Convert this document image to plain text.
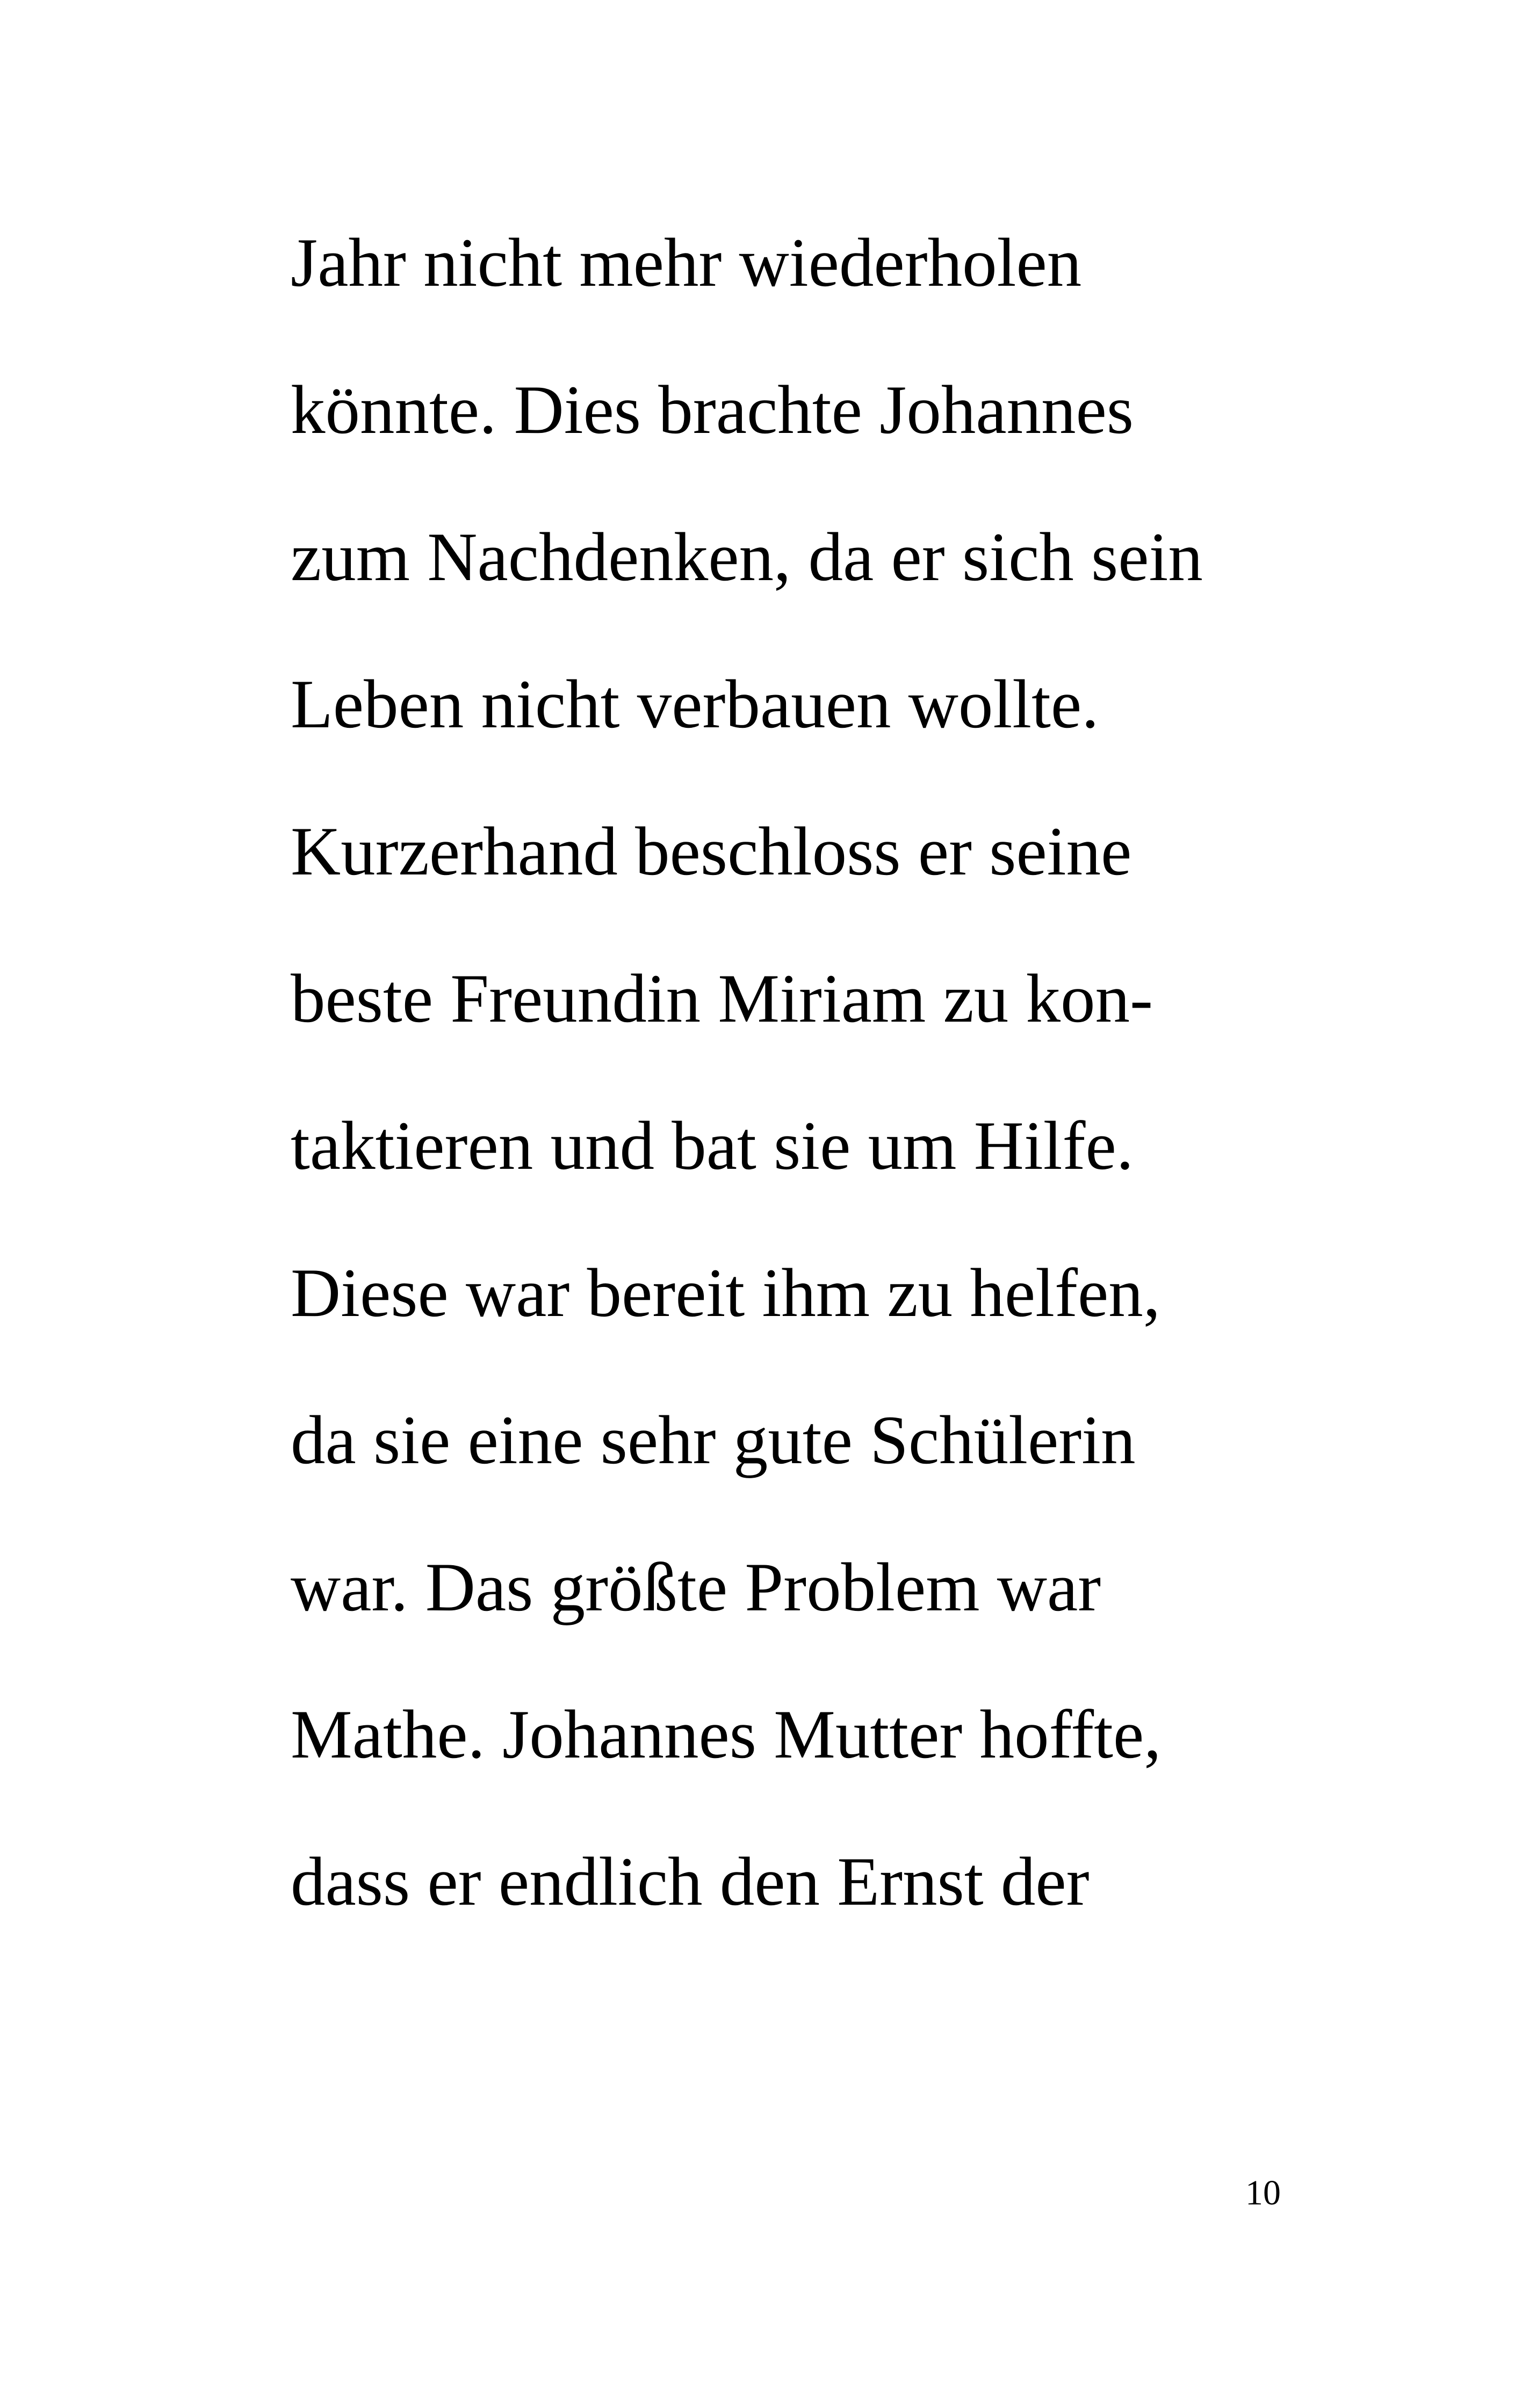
Jahr nicht mehr wiederholen
könnte. Dies brachte Johannes
zum Nachdenken, da er sich sein
Leben nicht verbauen wollte.
Kurzerhand beschloss er seine
beste Freundin Miriam zu kon-
taktieren und bat sie um Hilfe.
Diese war bereit ihm zu helfen,
da sie eine sehr gute Schülerin
war. Das größte Problem war
Mathe. Johannes Mutter hoffte,
dass er endlich den Ernst der
10
